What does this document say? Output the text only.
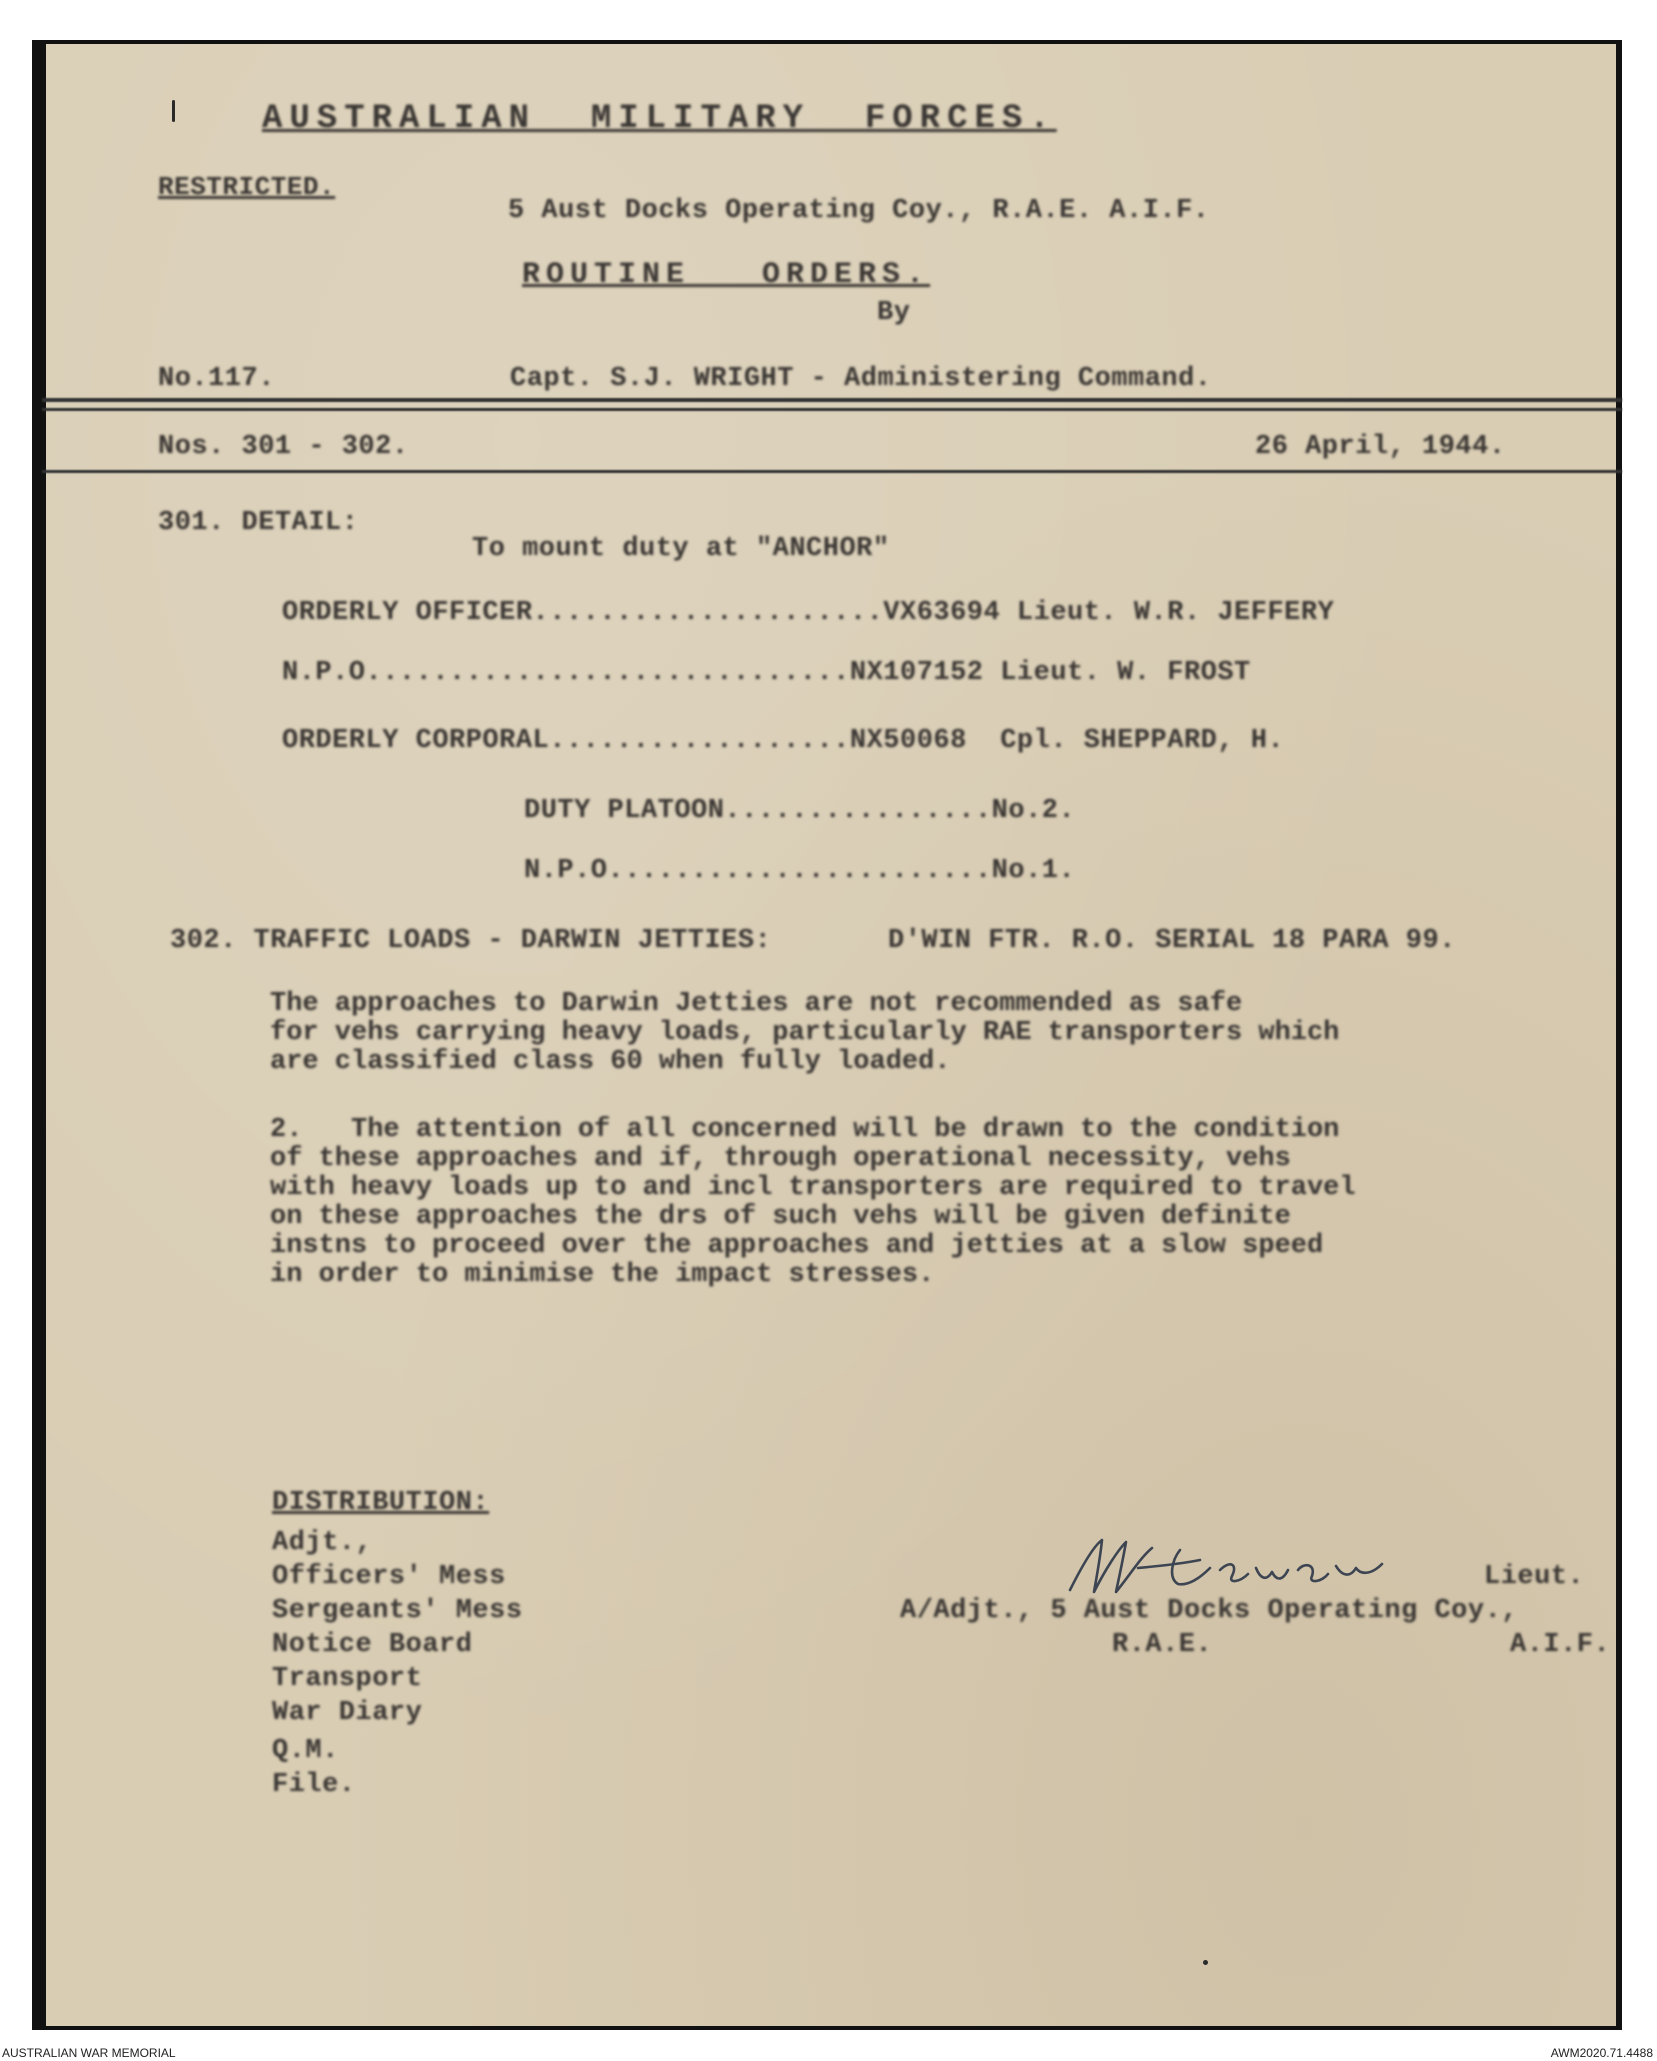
AUSTRALIAN  MILITARY  FORCES.
RESTRICTED.
5 Aust Docks Operating Coy., R.A.E. A.I.F.
ROUTINE   ORDERS.
By
No.117.	Capt. S.J. WRIGHT - Administering Command.
Nos. 301 - 302.	26 April, 1944.
301. DETAIL:
To mount duty at "ANCHOR"
ORDERLY OFFICER.....................VX63694 Lieut. W.R. JEFFERY
N.P.O.............................NX107152 Lieut. W. FROST
ORDERLY CORPORAL..................NX50068  Cpl. SHEPPARD, H.
DUTY PLATOON................No.2.
N.P.O.......................No.1.
302. TRAFFIC LOADS - DARWIN JETTIES:	D'WIN FTR. R.O. SERIAL 18 PARA 99.
The approaches to Darwin Jetties are not recommended as safe
for vehs carrying heavy loads, particularly RAE transporters which
are classified class 60 when fully loaded.
2.   The attention of all concerned will be drawn to the condition
of these approaches and if, through operational necessity, vehs
with heavy loads up to and incl transporters are required to travel
on these approaches the drs of such vehs will be given definite
instns to proceed over the approaches and jetties at a slow speed
in order to minimise the impact stresses.
DISTRIBUTION:
Adjt.,
Officers' Mess
Sergeants' Mess
Notice Board
Transport
War Diary
Q.M.
File.
Lieut.
A/Adjt., 5 Aust Docks Operating Coy.,
R.A.E.	A.I.F.
AUSTRALIAN WAR MEMORIAL	AWM2020.71.4488
